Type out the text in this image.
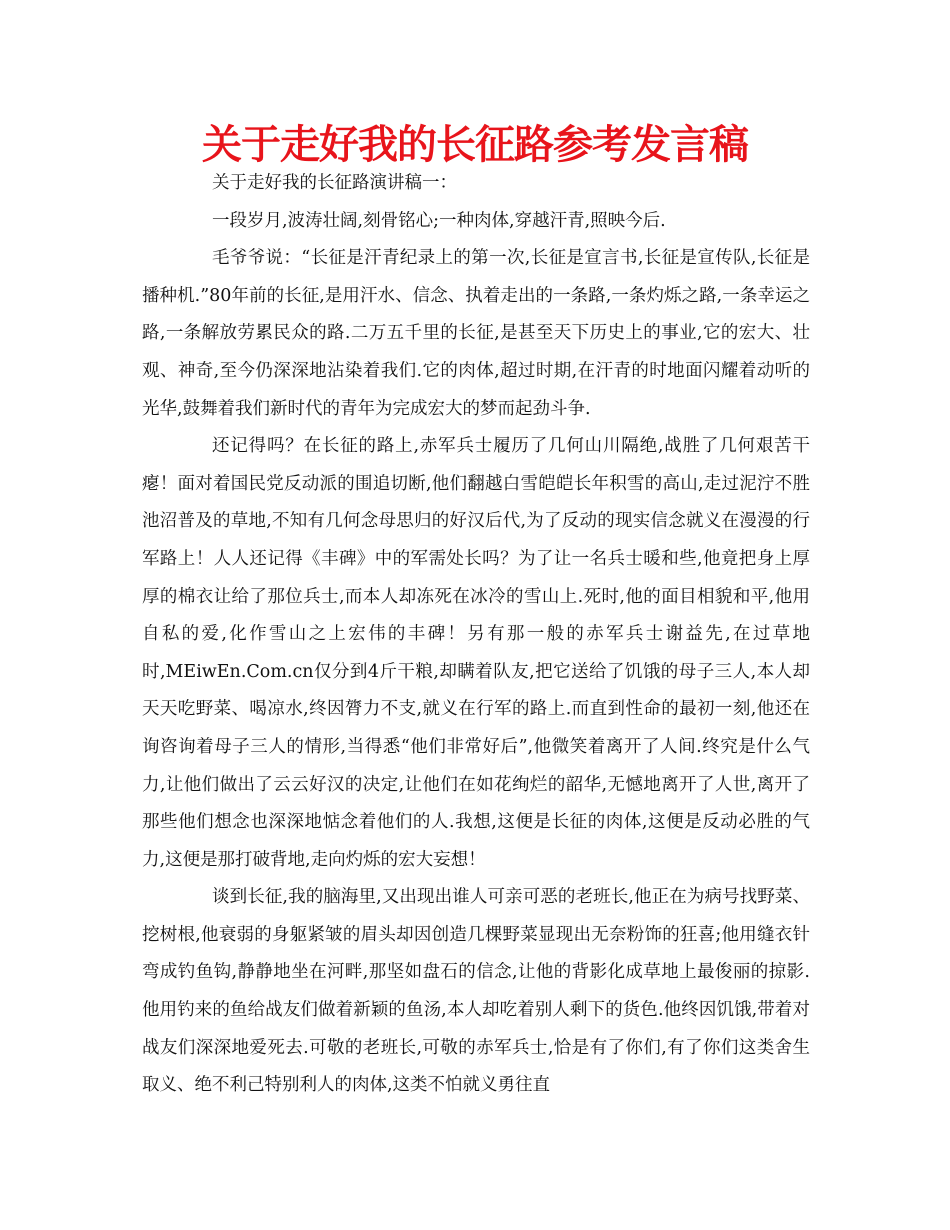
关于走好我的长征路参考发言稿

关于走好我的长征路演讲稿一：

一段岁月,波涛壮阔,刻骨铭心;一种肉体,穿越汗青,照映今后.

毛爷爷说：“长征是汗青纪录上的第一次,长征是宣言书,长征是宣传队,长征是播种机.”80年前的长征,是用汗水、信念、执着走出的一条路,一条灼烁之路,一条幸运之路,一条解放劳累民众的路.二万五千里的长征,是甚至天下历史上的事业,它的宏大、壮观、神奇,至今仍深深地沾染着我们.它的肉体,超过时期,在汗青的时地面闪耀着动听的光华,鼓舞着我们新时代的青年为完成宏大的梦而起劲斗争.

还记得吗？在长征的路上,赤军兵士履历了几何山川隔绝,战胜了几何艰苦干瘪！面对着国民党反动派的围追切断,他们翻越白雪皑皑长年积雪的高山,走过泥泞不胜池沼普及的草地,不知有几何念母思归的好汉后代,为了反动的现实信念就义在漫漫的行军路上！人人还记得《丰碑》中的军需处长吗？为了让一名兵士暖和些,他竟把身上厚厚的棉衣让给了那位兵士,而本人却冻死在冰冷的雪山上.死时,他的面目相貌和平,他用自私的爱,化作雪山之上宏伟的丰碑！另有那一般的赤军兵士谢益先,在过草地时,MEiwEn.Com.cn仅分到4斤干粮,却瞒着队友,把它送给了饥饿的母子三人,本人却天天吃野菜、喝凉水,终因膂力不支,就义在行军的路上.而直到性命的最初一刻,他还在询咨询着母子三人的情形,当得悉“他们非常好后”,他微笑着离开了人间.终究是什么气力,让他们做出了云云好汉的决定,让他们在如花绚烂的韶华,无憾地离开了人世,离开了那些他们想念也深深地惦念着他们的人.我想,这便是长征的肉体,这便是反动必胜的气力,这便是那打破背地,走向灼烁的宏大妄想！

谈到长征,我的脑海里,又出现出谁人可亲可恶的老班长,他正在为病号找野菜、挖树根,他衰弱的身躯紧皱的眉头却因创造几棵野菜显现出无奈粉饰的狂喜;他用缝衣针弯成钓鱼钩,静静地坐在河畔,那坚如盘石的信念,让他的背影化成草地上最俊丽的掠影.他用钓来的鱼给战友们做着新颖的鱼汤,本人却吃着别人剩下的货色.他终因饥饿,带着对战友们深深地爱死去.可敬的老班长,可敬的赤军兵士,恰是有了你们,有了你们这类舍生取义、绝不利己特别利人的肉体,这类不怕就义勇往直
